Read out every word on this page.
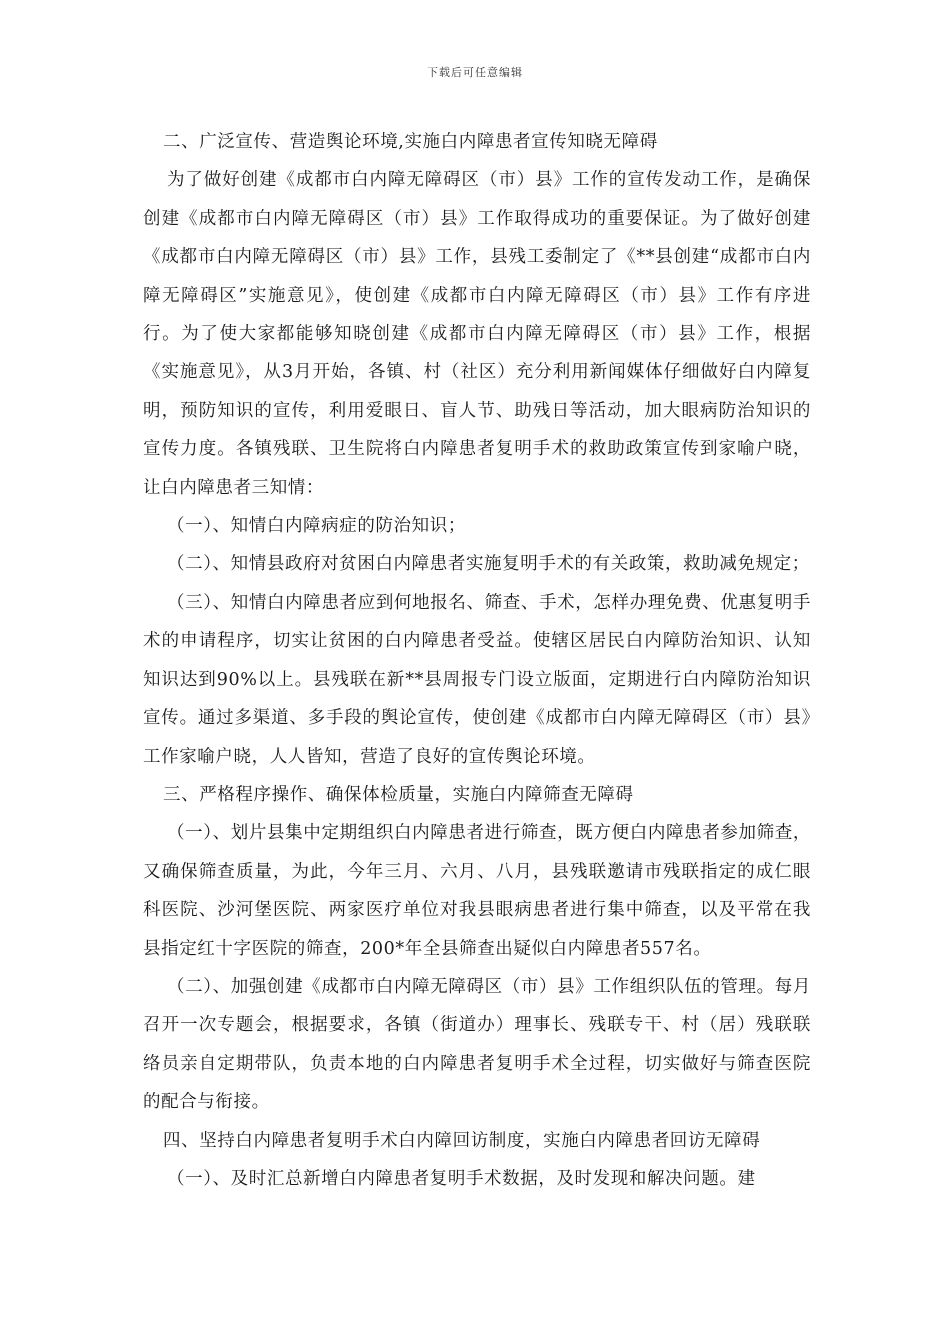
下载后可任意编辑

二、广泛宣传、营造舆论环境,实施白内障患者宣传知晓无障碍

为了做好创建《成都市白内障无障碍区（市）县》工作的宣传发动工作，是确保创建《成都市白内障无障碍区（市）县》工作取得成功的重要保证。为了做好创建《成都市白内障无障碍区（市）县》工作，县残工委制定了《**县创建“成都市白内障无障碍区”实施意见》，使创建《成都市白内障无障碍区（市）县》工作有序进行。为了使大家都能够知晓创建《成都市白内障无障碍区（市）县》工作，根据《实施意见》，从3月开始，各镇、村（社区）充分利用新闻媒体仔细做好白内障复明，预防知识的宣传，利用爱眼日、盲人节、助残日等活动，加大眼病防治知识的宣传力度。各镇残联、卫生院将白内障患者复明手术的救助政策宣传到家喻户晓，让白内障患者三知情：

（一）、知情白内障病症的防治知识；

（二）、知情县政府对贫困白内障患者实施复明手术的有关政策，救助减免规定；

（三）、知情白内障患者应到何地报名、筛查、手术，怎样办理免费、优惠复明手术的申请程序，切实让贫困的白内障患者受益。使辖区居民白内障防治知识、认知知识达到90%以上。县残联在新**县周报专门设立版面，定期进行白内障防治知识宣传。通过多渠道、多手段的舆论宣传，使创建《成都市白内障无障碍区（市）县》工作家喻户晓，人人皆知，营造了良好的宣传舆论环境。

三、严格程序操作、确保体检质量，实施白内障筛查无障碍

（一）、划片县集中定期组织白内障患者进行筛查，既方便白内障患者参加筛查，又确保筛查质量，为此，今年三月、六月、八月，县残联邀请市残联指定的成仁眼科医院、沙河堡医院、两家医疗单位对我县眼病患者进行集中筛查，以及平常在我县指定红十字医院的筛查，200*年全县筛查出疑似白内障患者557名。

（二）、加强创建《成都市白内障无障碍区（市）县》工作组织队伍的管理。每月召开一次专题会，根据要求，各镇（街道办）理事长、残联专干、村（居）残联联络员亲自定期带队，负责本地的白内障患者复明手术全过程，切实做好与筛查医院的配合与衔接。

四、坚持白内障患者复明手术白内障回访制度，实施白内障患者回访无障碍

（一）、及时汇总新增白内障患者复明手术数据，及时发现和解决问题。建
